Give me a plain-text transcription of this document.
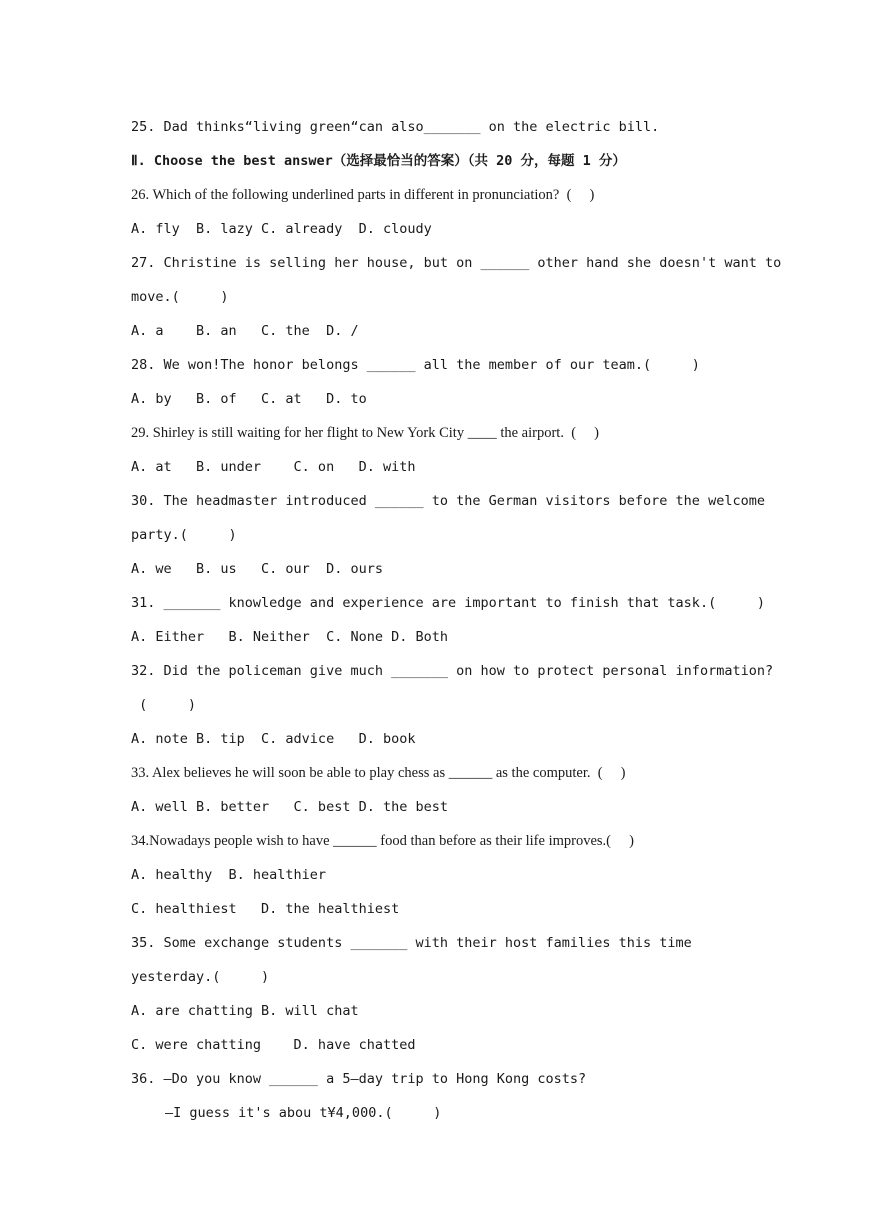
25. Dad thinks“living green“can also_______ on the electric bill.
Ⅱ. Choose the best answer（选择最恰当的答案）（共 20 分，每题 1 分）
26. Which of the following underlined parts in different in pronunciation?  (     )
A. fly  B. lazy C. already  D. cloudy
27. Christine is selling her house, but on ______ other hand she doesn't want to
move.(     )
A. a    B. an   C. the  D. /
28. We won!The honor belongs ______ all the member of our team.(     )
A. by   B. of   C. at   D. to
29. Shirley is still waiting for her flight to New York City ____ the airport.  (     )
A. at   B. under    C. on   D. with
30. The headmaster introduced ______ to the German visitors before the welcome
party.(     )
A. we   B. us   C. our  D. ours
31. _______ knowledge and experience are important to finish that task.(     )
A. Either   B. Neither  C. None D. Both
32. Did the policeman give much _______ on how to protect personal information?
(     )
A. note B. tip  C. advice   D. book
33. Alex believes he will soon be able to play chess as ______ as the computer.  (     )
A. well B. better   C. best D. the best
34.Nowadays people wish to have ______ food than before as their life improves.(     )
A. healthy  B. healthier
C. healthiest   D. the healthiest
35. Some exchange students _______ with their host families this time
yesterday.(     )
A. are chatting B. will chat
C. were chatting    D. have chatted
36. –Do you know ______ a 5–day trip to Hong Kong costs?
–I guess it's abou t¥4,000.(     )
